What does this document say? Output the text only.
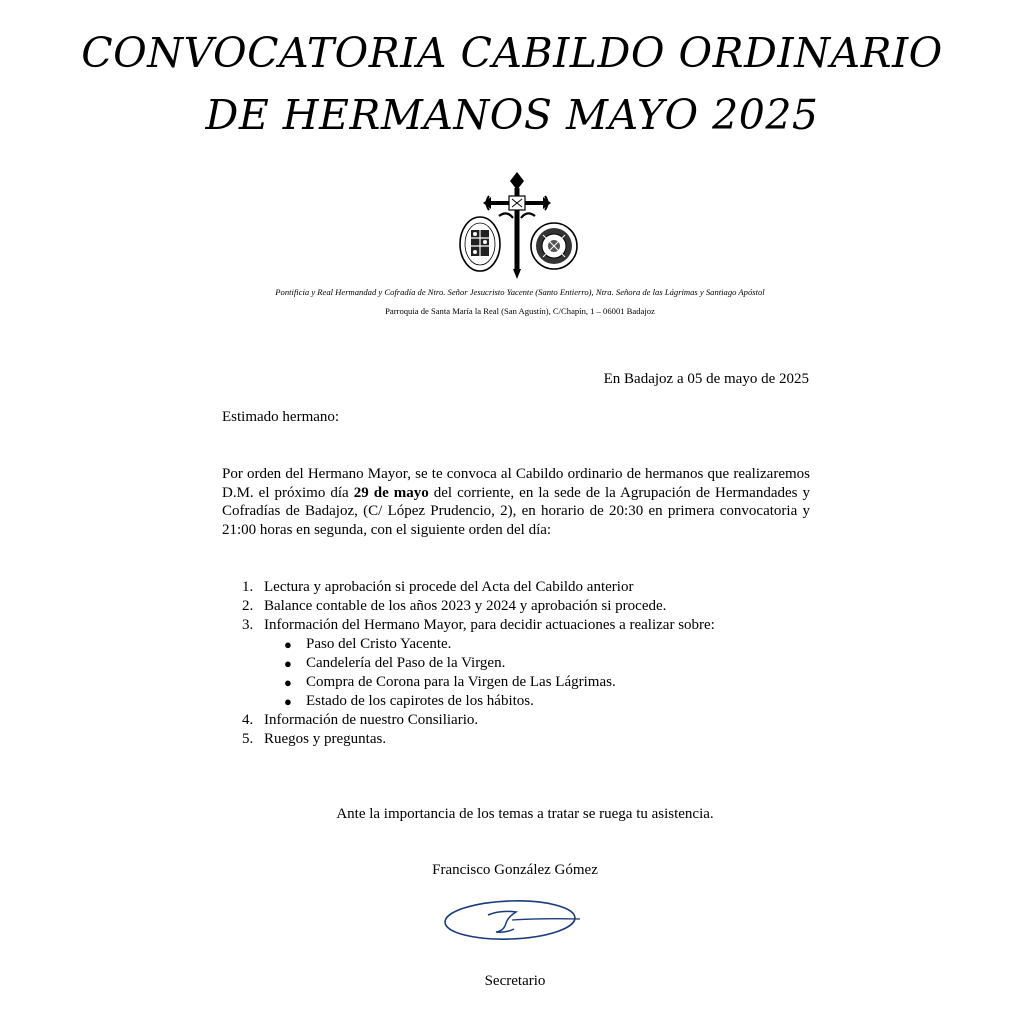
CONVOCATORIA CABILDO ORDINARIO
DE HERMANOS MAYO 2025
Pontificia y Real Hermandad y Cofradía de Ntro. Señor Jesucristo Yacente (Santo Entierro), Ntra. Señora de las Lágrimas y Santiago Apóstol
Parroquia de Santa María la Real (San Agustín), C/Chapín, 1 – 06001 Badajoz
En Badajoz a 05 de mayo de 2025
Estimado hermano:

Por orden del Hermano Mayor, se te convoca al Cabildo ordinario de hermanos que realizaremos D.M. el próximo día 29 de mayo del corriente, en la sede de la Agrupación de Hermandades y Cofradías de Badajoz, (C/ López Prudencio, 2), en horario de 20:30 en primera convocatoria y 21:00 horas en segunda, con el siguiente orden del día:

1. Lectura y aprobación si procede del Acta del Cabildo anterior
2. Balance contable de los años 2023 y 2024 y aprobación si procede.
3. Información del Hermano Mayor, para decidir actuaciones a realizar sobre:
● Paso del Cristo Yacente.
● Candelería del Paso de la Virgen.
● Compra de Corona para la Virgen de Las Lágrimas.
● Estado de los capirotes de los hábitos.
4. Información de nuestro Consiliario.
5. Ruegos y preguntas.
Ante la importancia de los temas a tratar se ruega tu asistencia.
Francisco González Gómez
Secretario
